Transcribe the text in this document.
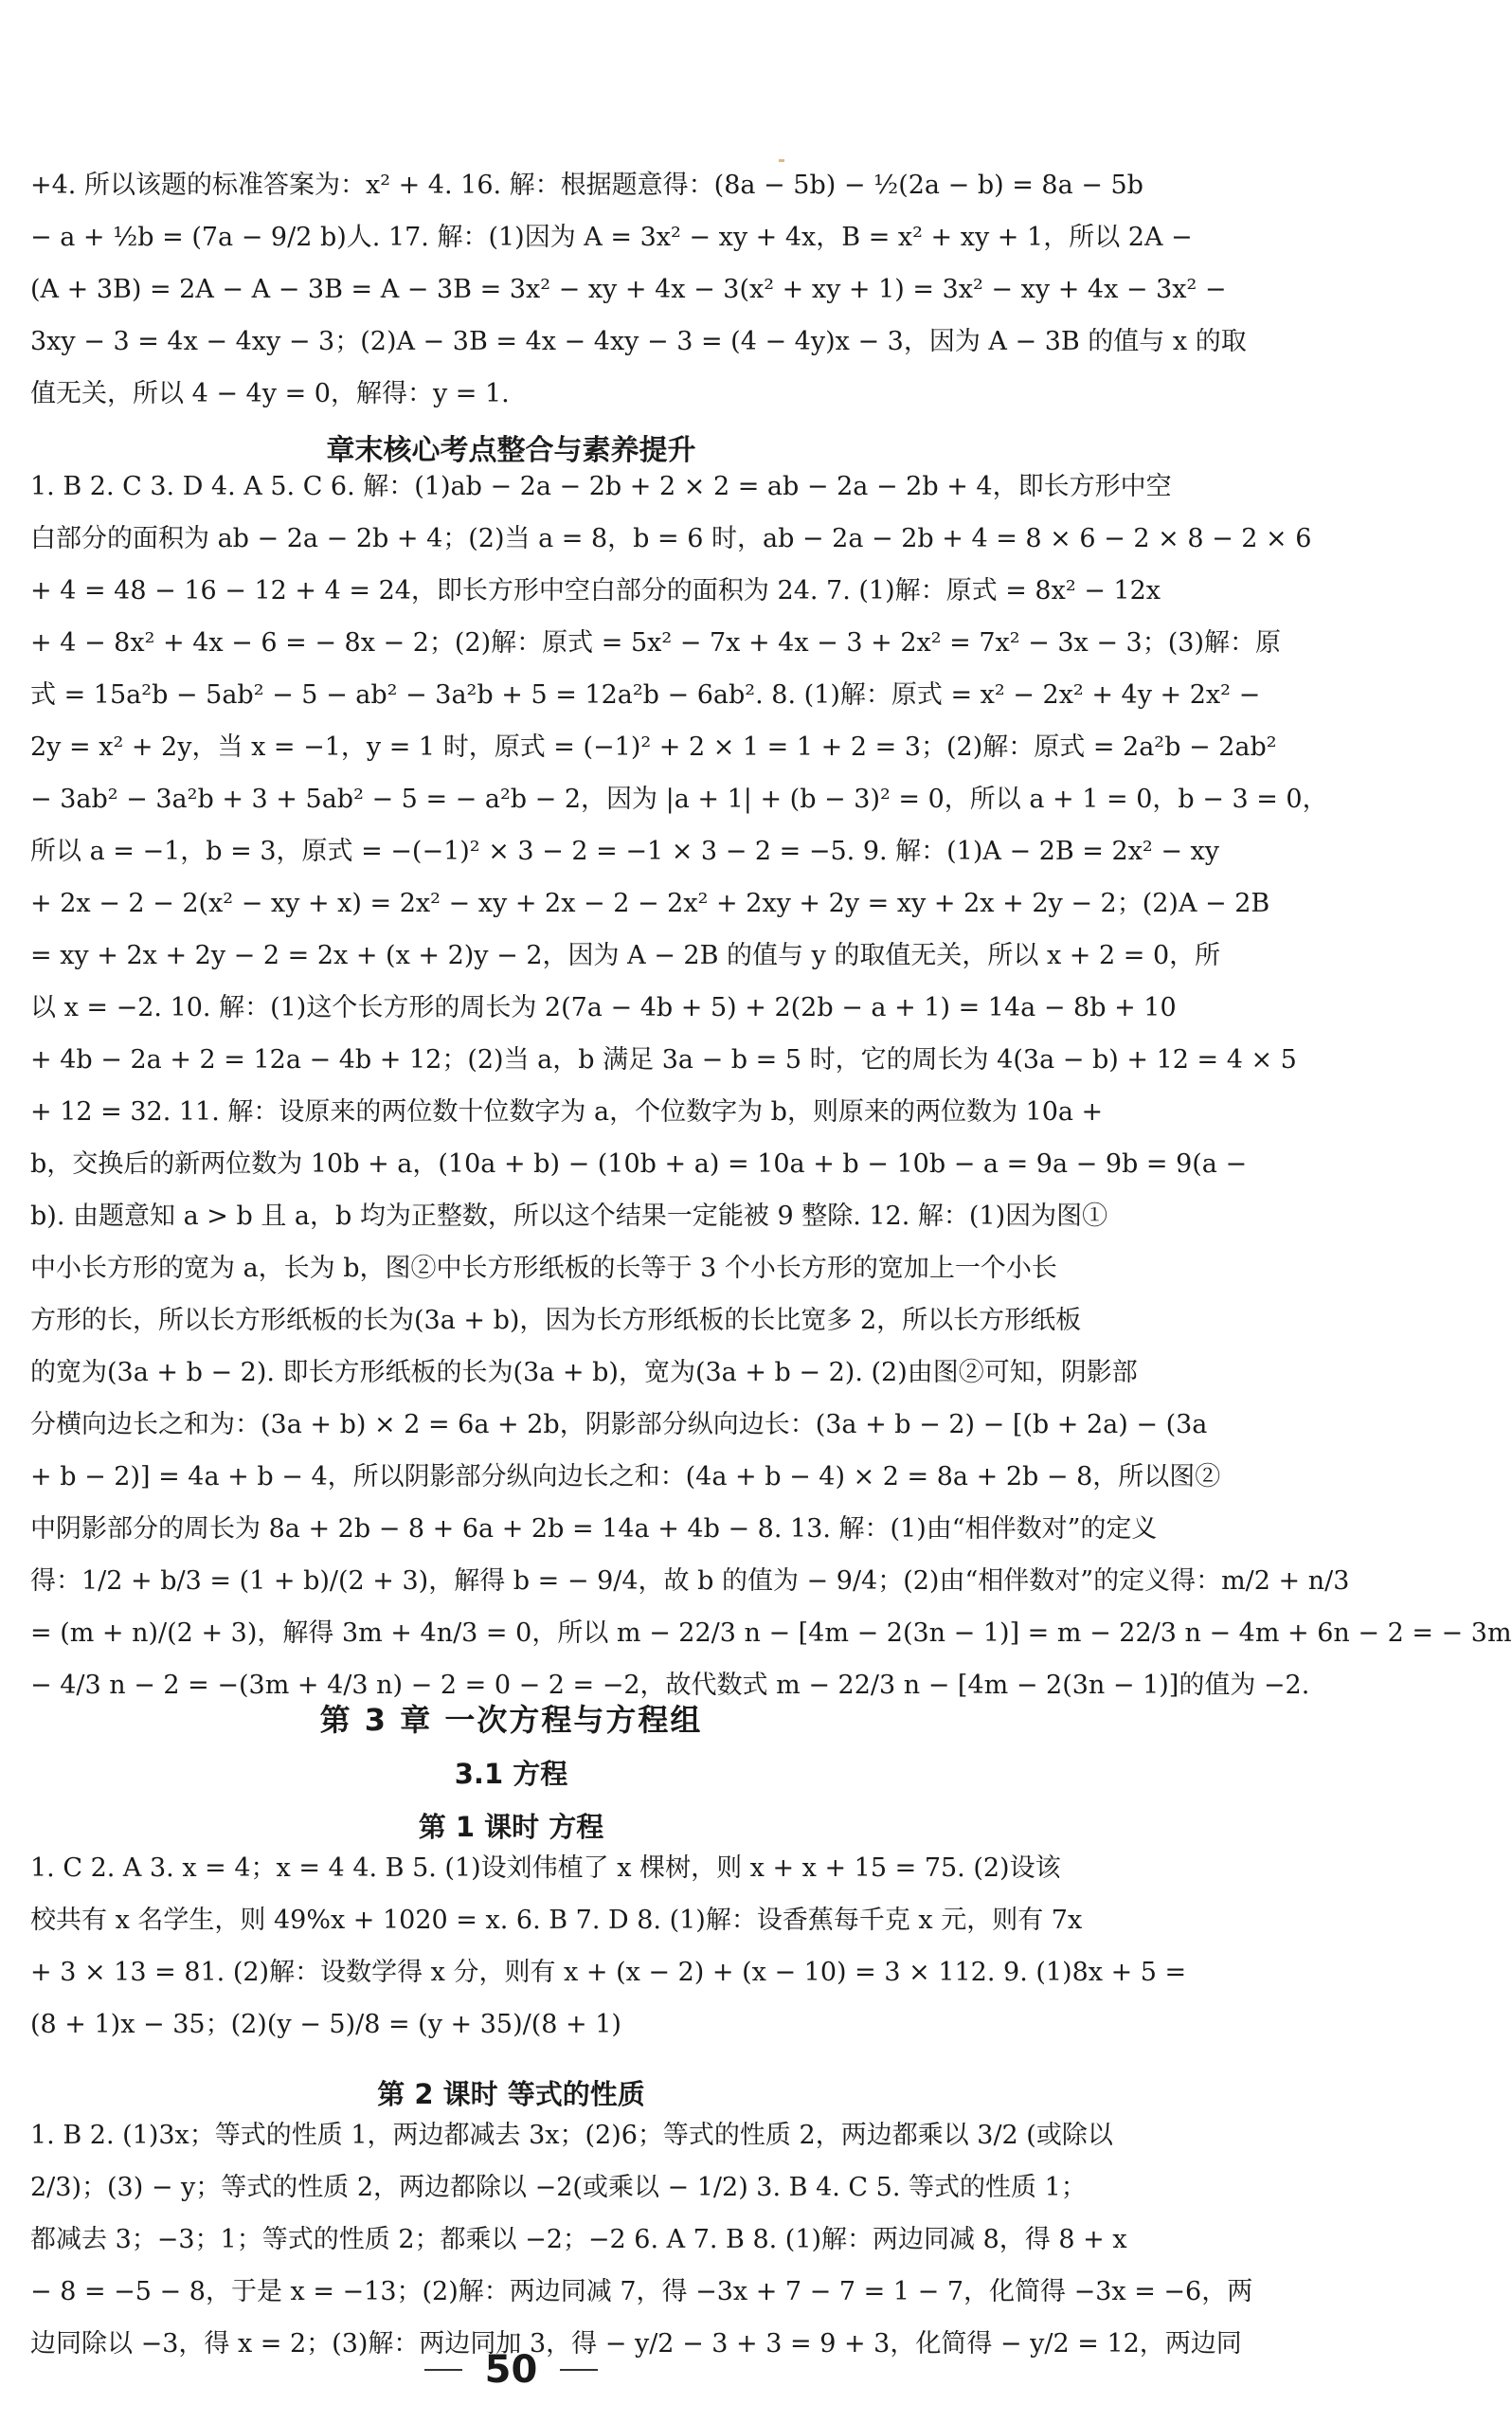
+4. 所以该题的标准答案为：x² + 4. 16. 解：根据题意得：(8a − 5b) − ½(2a − b) = 8a − 5b

− a + ½b = (7a − 9/2 b)人. 17. 解：(1)因为 A = 3x² − xy + 4x，B = x² + xy + 1，所以 2A −

(A + 3B) = 2A − A − 3B = A − 3B = 3x² − xy + 4x − 3(x² + xy + 1) = 3x² − xy + 4x − 3x² −

3xy − 3 = 4x − 4xy − 3；(2)A − 3B = 4x − 4xy − 3 = (4 − 4y)x − 3，因为 A − 3B 的值与 x 的取

值无关，所以 4 − 4y = 0，解得：y = 1.

章末核心考点整合与素养提升

1. B 2. C 3. D 4. A 5. C 6. 解：(1)ab − 2a − 2b + 2 × 2 = ab − 2a − 2b + 4，即长方形中空

白部分的面积为 ab − 2a − 2b + 4；(2)当 a = 8，b = 6 时，ab − 2a − 2b + 4 = 8 × 6 − 2 × 8 − 2 × 6

+ 4 = 48 − 16 − 12 + 4 = 24，即长方形中空白部分的面积为 24. 7. (1)解：原式 = 8x² − 12x

+ 4 − 8x² + 4x − 6 = − 8x − 2；(2)解：原式 = 5x² − 7x + 4x − 3 + 2x² = 7x² − 3x − 3；(3)解：原

式 = 15a²b − 5ab² − 5 − ab² − 3a²b + 5 = 12a²b − 6ab². 8. (1)解：原式 = x² − 2x² + 4y + 2x² −

2y = x² + 2y，当 x = −1，y = 1 时，原式 = (−1)² + 2 × 1 = 1 + 2 = 3；(2)解：原式 = 2a²b − 2ab²

− 3ab² − 3a²b + 3 + 5ab² − 5 = − a²b − 2，因为 |a + 1| + (b − 3)² = 0，所以 a + 1 = 0，b − 3 = 0，

所以 a = −1，b = 3，原式 = −(−1)² × 3 − 2 = −1 × 3 − 2 = −5. 9. 解：(1)A − 2B = 2x² − xy

+ 2x − 2 − 2(x² − xy + x) = 2x² − xy + 2x − 2 − 2x² + 2xy + 2y = xy + 2x + 2y − 2；(2)A − 2B

= xy + 2x + 2y − 2 = 2x + (x + 2)y − 2，因为 A − 2B 的值与 y 的取值无关，所以 x + 2 = 0，所

以 x = −2. 10. 解：(1)这个长方形的周长为 2(7a − 4b + 5) + 2(2b − a + 1) = 14a − 8b + 10

+ 4b − 2a + 2 = 12a − 4b + 12；(2)当 a，b 满足 3a − b = 5 时，它的周长为 4(3a − b) + 12 = 4 × 5

+ 12 = 32. 11. 解：设原来的两位数十位数字为 a，个位数字为 b，则原来的两位数为 10a +

b，交换后的新两位数为 10b + a，(10a + b) − (10b + a) = 10a + b − 10b − a = 9a − 9b = 9(a −

b). 由题意知 a > b 且 a，b 均为正整数，所以这个结果一定能被 9 整除. 12. 解：(1)因为图①

中小长方形的宽为 a，长为 b，图②中长方形纸板的长等于 3 个小长方形的宽加上一个小长

方形的长，所以长方形纸板的长为(3a + b)，因为长方形纸板的长比宽多 2，所以长方形纸板

的宽为(3a + b − 2). 即长方形纸板的长为(3a + b)，宽为(3a + b − 2). (2)由图②可知，阴影部

分横向边长之和为：(3a + b) × 2 = 6a + 2b，阴影部分纵向边长：(3a + b − 2) − [(b + 2a) − (3a

+ b − 2)] = 4a + b − 4，所以阴影部分纵向边长之和：(4a + b − 4) × 2 = 8a + 2b − 8，所以图②

中阴影部分的周长为 8a + 2b − 8 + 6a + 2b = 14a + 4b − 8. 13. 解：(1)由“相伴数对”的定义

得：1/2 + b/3 = (1 + b)/(2 + 3)，解得 b = − 9/4，故 b 的值为 − 9/4；(2)由“相伴数对”的定义得：m/2 + n/3

= (m + n)/(2 + 3)，解得 3m + 4n/3 = 0，所以 m − 22/3 n − [4m − 2(3n − 1)] = m − 22/3 n − 4m + 6n − 2 = − 3m

− 4/3 n − 2 = −(3m + 4/3 n) − 2 = 0 − 2 = −2，故代数式 m − 22/3 n − [4m − 2(3n − 1)]的值为 −2.

第 3 章 一次方程与方程组
3.1 方程
第 1 课时 方程

1. C 2. A 3. x = 4；x = 4 4. B 5. (1)设刘伟植了 x 棵树，则 x + x + 15 = 75. (2)设该

校共有 x 名学生，则 49%x + 1020 = x. 6. B 7. D 8. (1)解：设香蕉每千克 x 元，则有 7x

+ 3 × 13 = 81. (2)解：设数学得 x 分，则有 x + (x − 2) + (x − 10) = 3 × 112. 9. (1)8x + 5 =

(8 + 1)x − 35；(2)(y − 5)/8 = (y + 35)/(8 + 1)

第 2 课时 等式的性质

1. B 2. (1)3x；等式的性质 1，两边都减去 3x；(2)6；等式的性质 2，两边都乘以 3/2 (或除以

2/3)；(3) − y；等式的性质 2，两边都除以 −2(或乘以 − 1/2) 3. B 4. C 5. 等式的性质 1；

都减去 3；−3；1；等式的性质 2；都乘以 −2；−2 6. A 7. B 8. (1)解：两边同减 8，得 8 + x

− 8 = −5 − 8，于是 x = −13；(2)解：两边同减 7，得 −3x + 7 − 7 = 1 − 7，化简得 −3x = −6，两

边同除以 −3，得 x = 2；(3)解：两边同加 3，得 − y/2 − 3 + 3 = 9 + 3，化简得 − y/2 = 12，两边同

50
